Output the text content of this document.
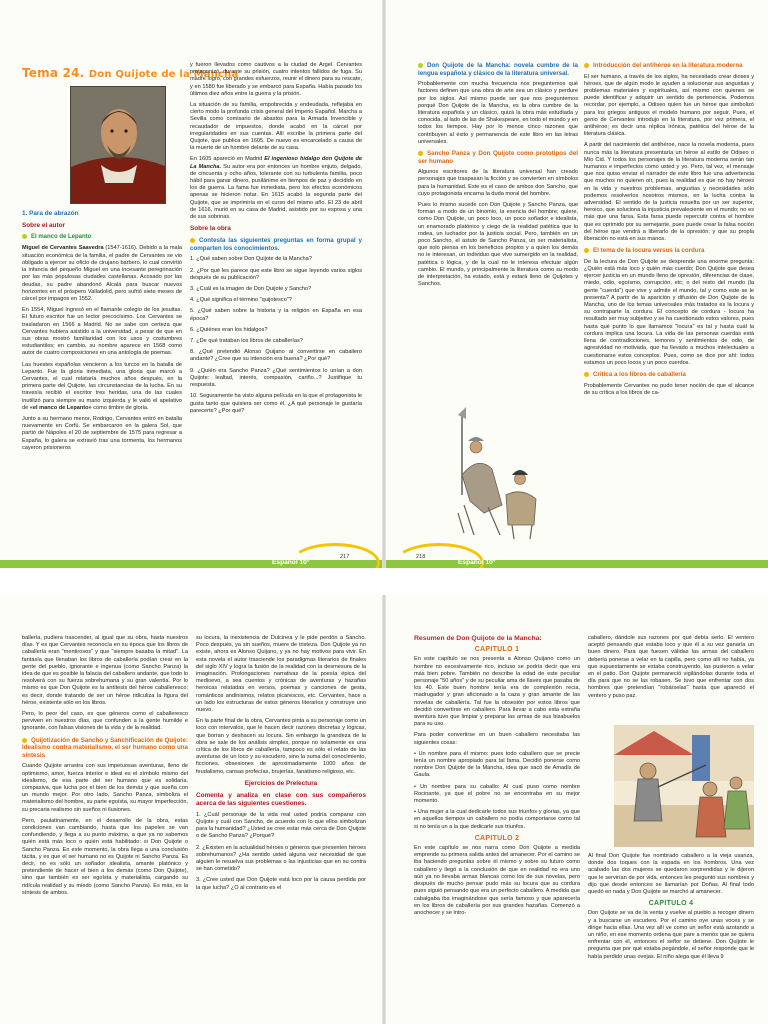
Tema 24. Don Quijote de la Mancha

1. Para de abrazón

Sobre el autor

El manco de Lepanto

Miguel de Cervantes Saavedra (1547-1616). Debido a la mala situación económica de la familia, el padre de Cervantes se vio obligado a ejercer su oficio de cirujano barbero, lo cual convirtió la infancia del pequeño Miguel en una incesante peregrinación por las más populosas ciudades castellanas. Acosado por las deudas, su padre abandonó Alcalá para buscar nuevos horizontes en el próspero Valladolid, pero sufrió siete meses de cárcel por impagos en 1552.

En 1554, Miguel ingresó en el flamante colegio de los jesuitas. El futuro escritor fue un lector precocísimo. Los Cervantes se trasladaron en 1566 a Madrid. No se sabe con certeza que Cervantes hubiera asistido a la universidad, a pesar de que en sus obras mostró familiaridad con los usos y costumbres estudiantiles; en cambio, su nombre aparece en 1568 como autor de cuatro composiciones en una antología de poemas.

Las huestes españolas vencieron a los turcos en la batalla de Lepanto. Fue la gloria inmediata, una gloria que marcó a Cervantes, el cual relataría muchos años después, en la primera parte del Quijote, las circunstancias de la lucha. En su travesía recibió el escritor tres heridas, una de las cuales inutilizó para siempre su mano izquierda y le valió el apelativo de «el manco de Lepanto» como timbre de gloria.

Junto a su hermano menor, Rodrigo, Cervantes entró en batalla nuevamente en Corfú. Se embarcaron en la galera Sol, que partió de Nápoles el 20 de septiembre de 1575 para regresar a España, lo galera se extravió tras una tormenta, los hermanos cayeron prisioneros

y fueron llevados como cautivos a la ciudad de Argel. Cervantes protagonizó, durante su prisión, cuatro intentos fallidos de fuga. Su madre logró, con grandes esfuerzos, reunir el dinero para su rescate, y en 1580 fue liberado y se embarcó para España. Había pasado los últimos diez años entre la guerra y la prisión.

La situación de su familia, empobrecida y endeudada, reflejaba en cierto modo la profunda crisis general del Imperio Español. Marcha a Sevilla como comisario de abastos para la Armada Invencible y recaudador de impuestos, donde acabó en la cárcel por irregularidades en sus cuentas. Allí escribe la primera parte del Quijote, que publica en 1605. De nuevo es encarcelado a causa de la muerte de un hombre delante de su casa.

En 1605 apareció en Madrid El ingenioso hidalgo don Quijote de La Mancha. Su autor era por entonces un hombre enjuto, delgado, de cincuenta y ocho años, tolerante con su turbulenta familia, poco hábil para ganar dinero, pusilánime en tiempos de paz y decidido en los de guerra. La fama fue inmediata, pero los efectos económicos apenas se hicieron notar. En 1615 acabó la segunda parte del Quijote, que se imprimiría en el curso del mismo año. El 23 de abril de 1616, murió en su casa de Madrid, asistido por su esposa y una de sus sobrinas.

Sobre la obra

Contesta las siguientes preguntas en forma grupal y comparten los conocimientos.

1. ¿Qué saben sobre Don Quijote de la Mancha?

2. ¿Por qué les parece que este libro se sigue leyendo varios siglos después de su publicación?

3. ¿Cuál es la imagen de Don Quijote y Sancho?

4. ¿Qué significa el término "quijotesco"?

5. ¿Qué saben sobre la historia y la religión en España en esa época?

6. ¿Quiénes eran los hidalgos?

7. ¿De qué trataban los libros de caballerías?

8. ¿Qué pretendió Alonso Quijano al convertirse en caballero andante? ¿Cree que su intención era buena? ¿Por qué?

9. ¿Quién era Sancho Panza? ¿Qué sentimientos lo unían a don Quijote: lealtad, interés, compasión, cariño...? Justifique tu respuesta.

10. Seguramente ha visto alguna película en la que el protagonista le gusta tanto que quisiera ser como él. ¿A qué personaje le gustaría parecerte? ¿Por qué?

Español 10°
217

Don Quijote de la Mancha: novela cumbre de la lengua española y clásico de la literatura universal.

Probablemente con mucha frecuencia nos preguntemos qué factores definen que una obra de arte sea un clásico y perdure por los siglos. Así mismo puede ser que nos preguntemos porqué Don Quijote de la Mancha, es la obra cumbre de la literatura española y un clásico, quizá la obra más estudiada y conocida, al lado de las de Shakespeare, en todo el mundo y en todos los tiempos. Hay por lo menos cinco razones que contribuyen al éxito y permanencia de este libro en las letras universales.

Sancho Panza y Don Quijote como prototipos del ser humano

Algunos escritores de la literatura universal han creado personajes que traspasan la ficción y se convierten en símbolos para la humanidad. Este es el caso de ambos don Sancho, que cuyo protagonista encarna la duda moral del hombre.

Pues lo mismo sucede con Don Quijote y Sancho Panza, que forman a modo de un binomio, la esencia del hombre; quiere, como Don Quijote, un poco loco, un poco soñador e idealista, un enamorado platónico y ciego de la realidad patética que lo rodea, un luchador por la justicia social. Pero, también en un poco Sancho, el astuto de Sancho Panza, un ser materialista, que solo piensa en los beneficios propios y a quien los demás no le interesan, un individuo que vive sumergido en la realidad, patética o lógica, y de la cual no le interesa efectuar algún cambio. El mundo, y principalmente la literatura como su modo de interpretación, ha estado, está y estará lleno de Quijotes y Sanchos.

Introducción del antihéroe en la literatura moderna

El ser humano, a través de los siglos, ha necesitado crear dioses y héroes, que de algún modo le ayuden a solucionar sus angustias y problemas materiales y espirituales, así mismo con quienes se puede identificar y adquirir un sentido de pertenencia. Podemos recordar, por ejemplo, a Odiseo quien fue un héroe que simbolizó para los griegos antiguos el modelo humano por seguir. Pues, el genio de Cervantes introdujo en la literatura, por vez primera, el antihéroe; es decir una réplica irónica, patética del héroe de la literatura clásica.

A partir del nacimiento del antihéroe, nace la novela moderna, pues nunca más la literatura presentaría un héroe al estilo de Odiseo o Mío Cid. Y todos los personajes de la literatura moderna serán tan humanos e imperfectos como usted y yo. Pero, tal vez, el mensaje que nos quiso enviar el narrador de este libro fue una advertencia que muchos no quieren oír, pues la realidad es que no hay héroes en la vida y nuestros problemas, angustias y necesidades sólo podemos resolverlos nosotros mismos, en la lucha contra la adversidad. El sentido de la justicia resuelta por un ser superior, heroico, que soluciona la injusticia prevaleciente en el mundo; no es más que una farsa. Esta farsa puede repercutir contra el hombre que es oprimido por su semejante, pues puede crear la falsa noción del héroe que vendrá a liberarlo de la opresión; y que su propia liberación no está en sus manos.

El tema de la locura versus la cordura

De la lectura de Don Quijote se desprende una enorme pregunta: ¿Quién está más loco y quién más cuerdo; Don Quijote que desea ejercer justicia en un mundo lleno de opresión, diferencias de clase, miedo, odio, egoísmo, corrupción, etc; o del resto del mundo (la gente "cuerda") que vive y admite el mundo, tal y como este se le presenta? A partir de la aparición y difusión de Don Quijote de la Mancha, uno de los temas universales más tratados es la locura y su contraparte la cordura. El concepto de cordura - locura ha resultado ser muy subjetivo y se ha cuestionado estos valores, pues hasta qué punto lo que llamamos "locura" es tal y hasta cuál la cordura implica una locura. La vida de las personas cuerdas está llena de contradicciones, temores y sentimientos de odio, de agresividad no motivada, que ha llevado a muchos intelectuales a cuestionarse estos conceptos. Pues, como se dice por ahí: todos estamos un poco locos y un poco cuerdos.

Critica a los libros de caballería

Probablemente Cervantes no pudo tener noción de que el alcance de su crítica a los libros de ca-

218
Español 10°

ballería, pudiera trascender, al igual que su obra, hasta nuestros días. Y es que Cervantes reconocía en su época que los libros de caballería eran "mentirosos" y que "siempre basaba la mitad". La fantasía que llenaban los libros de caballería podían crear en la gente del pueblo, ignorante e ingenua (como Sancho Panza) la idea de que es posible la falacia del caballero andante, que todo lo resolverá con su fuerza sobrehumana y su gran valentía. Por lo mismo es que Don Quijote es la antítesis del héroe caballeresco; es decir, donde tratando de ser un héroe ridiculiza la figura del héroe, existente sólo en los libros.

Pero, lo peor del caso, es que géneros como el caballeresco perviven en nuestros días, que confunden a la gente humilde e ignorante, con falsas visiones de la vida y de la realidad.

Quijotización de Sancho y Sanchificación de Quijote: Idealismo contra materialismo, el ser humano como una síntesis

Cuando Quijote arrastra con sus impetuosas aventuras, lleno de optimismo, amor, fuerza interior e ideal es el símbolo mismo del idealismo, de esa parte del ser humano que es solidaria, compasiva, que lucha por el bien de los demás y que sueña con un mundo mejor. Por otro lado, Sancho Panza, simboliza el materialismo del hombre, su parte egoísta, su mayor imperfección, su precaria realismo sin sueños ni ilusiones.

Pero, paulatinamente, en el desarrollo de la obra, estas condiciones van cambiando, hasta que los papeles se van confundiendo, y llega a su punto máximo, a que ya no sabemos quién está más loco o quién está habilitado: si Don Quijote o Sancho Panza. En este momento, la obra llega a una conclusión tácita, y es que el ser humano no es Quijote ni Sancho Panza. Es decir, no es sólo un soñador idealista, amante platónico y pretendiente de hacer el bien a los demás (como Don Quijote), sino que también es ser egoísta y materialista, cargando su ridícula realidad y su miedo (como Sancho Panza). Es más, es la síntesis de ambos.

su locura, la inexistencia de Dulcinea y le pide perdón a Sancho. Poco después, ya sin sueños, muere de tristeza. Don Quijote ya no existe, ahora es Alonso Quijano, y ya no hay motivos para vivir. En esta novela el autor trasciende los paradigmas literarios de finales del siglo XIV y logra la fusión de la realidad con la desmesura de la imaginación. Prolongaciones narrativas de la poesía épica del medioevo, a sea cuentos y crónicas de aventuras y hazañas heroicas relatadas en versos, poemas y canciones de gesta, románticos andinismos, relatos picarescos, etc. Cervantes, hace a un lado los estructuras de estos géneros literarios y construye uno nuevo.

En la parte final de la obra, Cervantes pinta a su personaje como un loco con intervalos, que le hacen decir razones discretas y lógicas, que borran y deshacen su locura. Sin embargo la grandeza de la obra se sale de los análisis simples, porque no solamente es una crítica de los libros de caballería, tampoco es sólo el relato de las aventuras de un loco y su escudero, sino la suma del conocimiento, ficciones, obsesiones de aproximadamente 1000 años de feudalismo, cansas profecías, brujerías, fanatismo religioso, etc.

Ejercicios de Prelectura

Comenta y analiza en clase con sus compañeros acerca de las siguientes cuestiones.

1. ¿Cuál personaje de la vida real usted podría comparar con Quijote y cuál con Sancho, de acuerdo con lo que ellos simbolizan para la humanidad? ¿Usted se cree estar más cerca de Don Quijote o de Sancho Panza? ¿Porqué?

2. ¿Existen en la actualidad héroes o géneros que presenten héroes sobrehumanos? ¿Ha sentido usted alguna vez necesidad de que alguien le resuelva sus problemas o las injusticias que en su contra se han cometido?

3. ¿Cree usted que Don Quijote está loco por la causa perdida por la que lucha? ¿O al contrario es el

Resumen de Don Quijote de la Mancha:

CAPITULO 1

En este capítulo se nos presenta a Alonso Quijano como un hombre no excesivamente rico, incluso se podría decir que era más bien pobre. También no describe la edad de este peculiar personaje "50 años" y de su peculiar ama de llaves que pasaba de los 40. Este buen hombre tenía era de complexión recia, madrugador y gran aficionado a la caza y gran amante de las novelas de caballería. Tal fue la obsesión por estos libros que decidió convertirse en caballero. Para llevar a cabo esta extraña aventura tuvo que limpiar y preparar las armas de sus bisabuelos para su uso.

Para poder convertirse en un buen caballero necesitaba las siguientes cosas:

• Un nombre para él mismo: pues todo caballero que se precie tenía un nombre apropiado para tal fama. Decidió ponerse como nombre Don Quijote de la Mancha, idea que sacó de Amadís de Gaula.

• Un nombre para su caballo: Al cual puso como nombre Rocinante, ya que el pobre no se encontraba en su mejor momento.

• Una mujer a la cual dedicarle todos sus triunfos y glorias, ya que en aquellos tiempos un caballero no podía comportarse como tal si no tenía un a la que dedicarle sus triunfos.

CAPITULO 2

En este capítulo se nos narra como Don Quijote a medida emprende su primera salida antes del amanecer. Por el camino se iba haciendo preguntas sobre él mismo y sobre su futuro como caballero y llegó a la conclusión de que en realidad no era uno aún ya no llevaba armas blancas como los de sus novelas, pero después de mucho pensar pudo más su locura que su cordura pues siguió pensando que era un perfecto caballero. A medida que cabalgaba iba imaginándose que sería famoso y que aparecería en los libros de caballería por sus grandes hazañas. Comenzó a anochecer y se intro-

caballero, dándole sus razones por qué debía serlo. El ventero aceptó pensando que estaba loco y que él a su vez ganaría un buen dinero. Para que fuesen válidas las armas del caballero debería ponerse a velar en la capilla, pero como allí no había, ya que supuestamente se estaba construyendo, las pusieron a velar en el patio. Don Quijote permaneció vigilándolas durante toda el día para que no se las robasen. Se tuvo que enfrentar con dos hombres que pretendían "robárselas" hasta que apareció el ventero y puso paz.

Al final Don Quijote fue nombrado caballero a la vieja usanza, donde dos toques con la espada en los hombros. Una vez acabado las dos mujeres se quedaron sorprendidas y le dijeron que le servirían de por vida, entonces les preguntó sus nombres y dijo que desde entonces se llamarían por Doñas. Al final todo quedó en nada y Don Quijote se marchó al amanecer.

CAPITULO 4

Don Quijote se va de la venta y vuelve al pueblo a recoger dinero y a buscarse un escudero. Por el camino oye unas voces y se dirige hacia ellas. Una vez allí ve como un señor está azotando a un niño, en ese momento ordena que pare a menos que se quiera enfrentar con él, entonces el señor se detiene. Don Quijote le pregunta que por qué estaba pegándole, el señor responde que le había perdido unas ovejas. El niño alega que él lleva 9
